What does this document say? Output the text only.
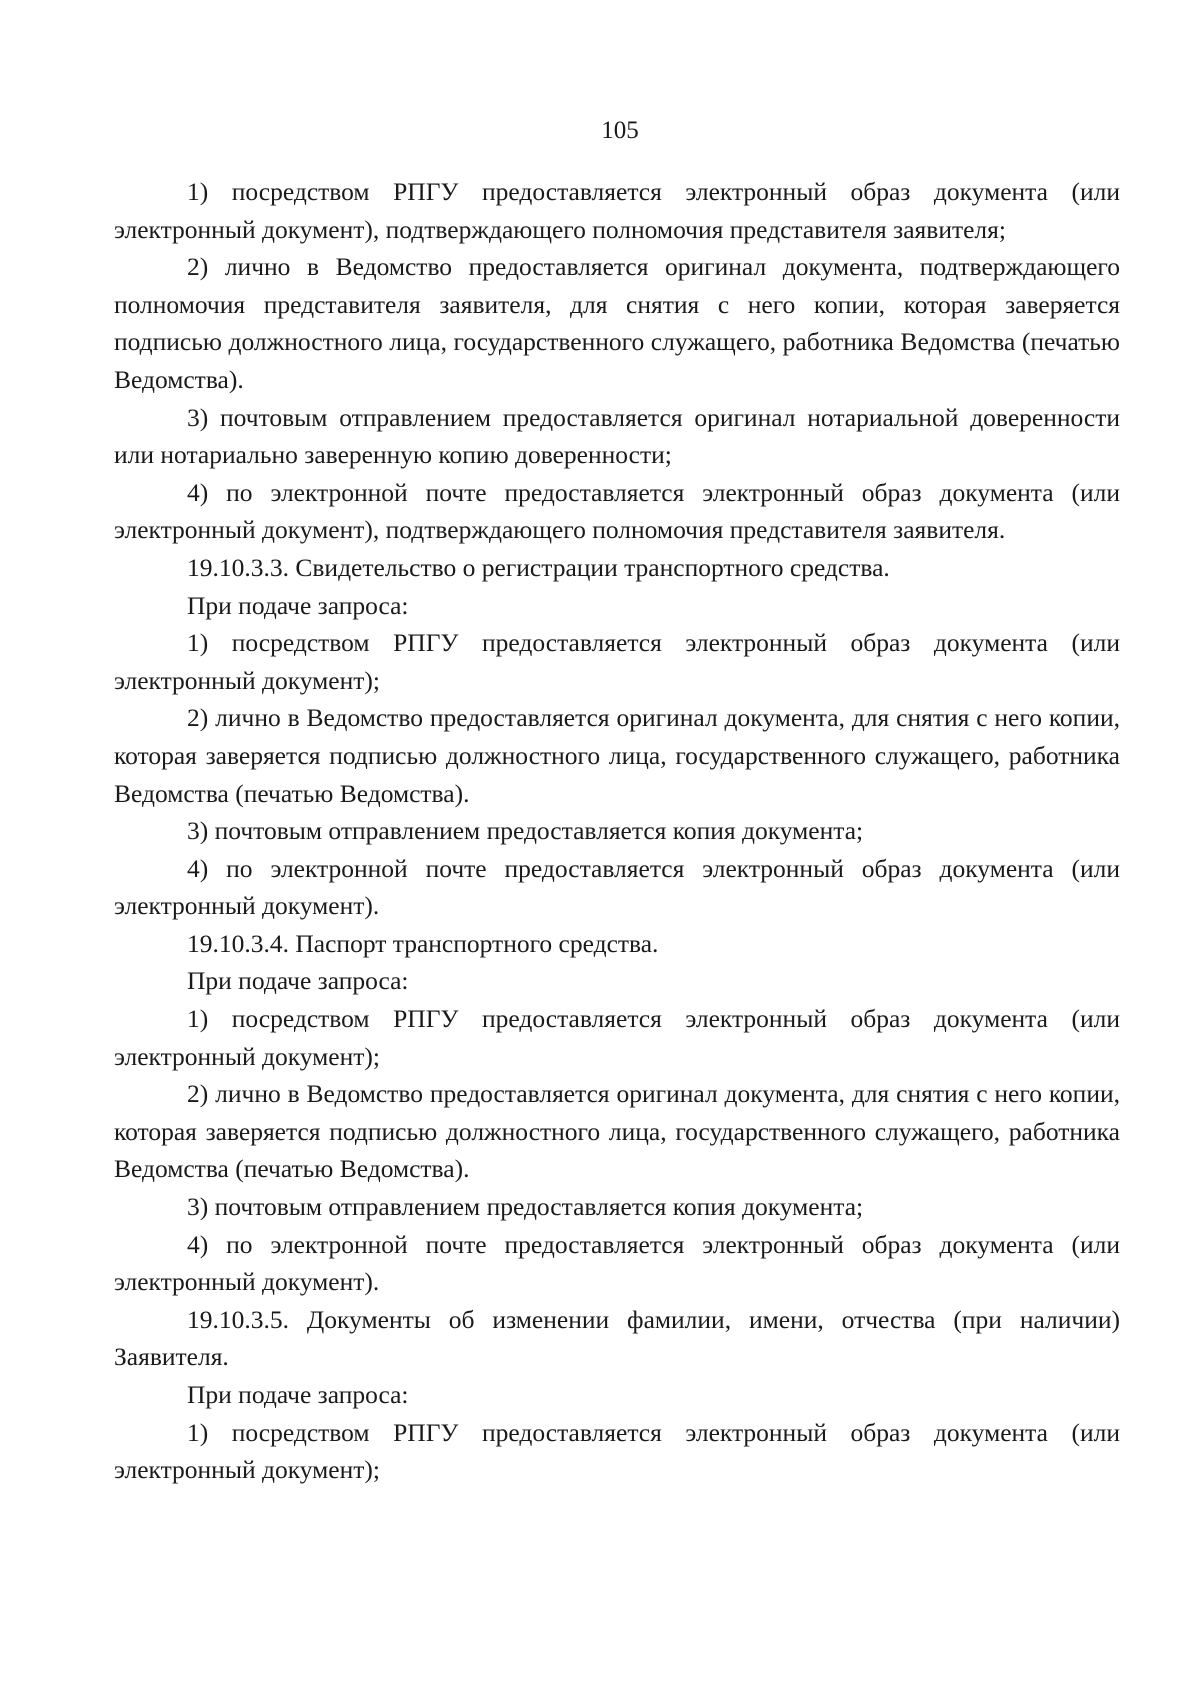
105

1) посредством РПГУ предоставляется электронный образ документа (или электронный документ), подтверждающего полномочия представителя заявителя;

2) лично в Ведомство предоставляется оригинал документа, подтверждающего полномочия представителя заявителя, для снятия с него копии, которая заверяется подписью должностного лица, государственного служащего, работника Ведомства (печатью Ведомства).

3) почтовым отправлением предоставляется оригинал нотариальной доверенности или нотариально заверенную копию доверенности;

4) по электронной почте предоставляется электронный образ документа (или электронный документ), подтверждающего полномочия представителя заявителя.

19.10.3.3. Свидетельство о регистрации транспортного средства.

При подаче запроса:

1) посредством РПГУ предоставляется электронный образ документа (или электронный документ);

2) лично в Ведомство предоставляется оригинал документа, для снятия с него копии, которая заверяется подписью должностного лица, государственного служащего, работника Ведомства (печатью Ведомства).

3) почтовым отправлением предоставляется копия документа;

4) по электронной почте предоставляется электронный образ документа (или электронный документ).

19.10.3.4. Паспорт транспортного средства.

При подаче запроса:

1) посредством РПГУ предоставляется электронный образ документа (или электронный документ);

2) лично в Ведомство предоставляется оригинал документа, для снятия с него копии, которая заверяется подписью должностного лица, государственного служащего, работника Ведомства (печатью Ведомства).

3) почтовым отправлением предоставляется копия документа;

4) по электронной почте предоставляется электронный образ документа (или электронный документ).

19.10.3.5. Документы об изменении фамилии, имени, отчества (при наличии) Заявителя.

При подаче запроса:

1) посредством РПГУ предоставляется электронный образ документа (или электронный документ);
